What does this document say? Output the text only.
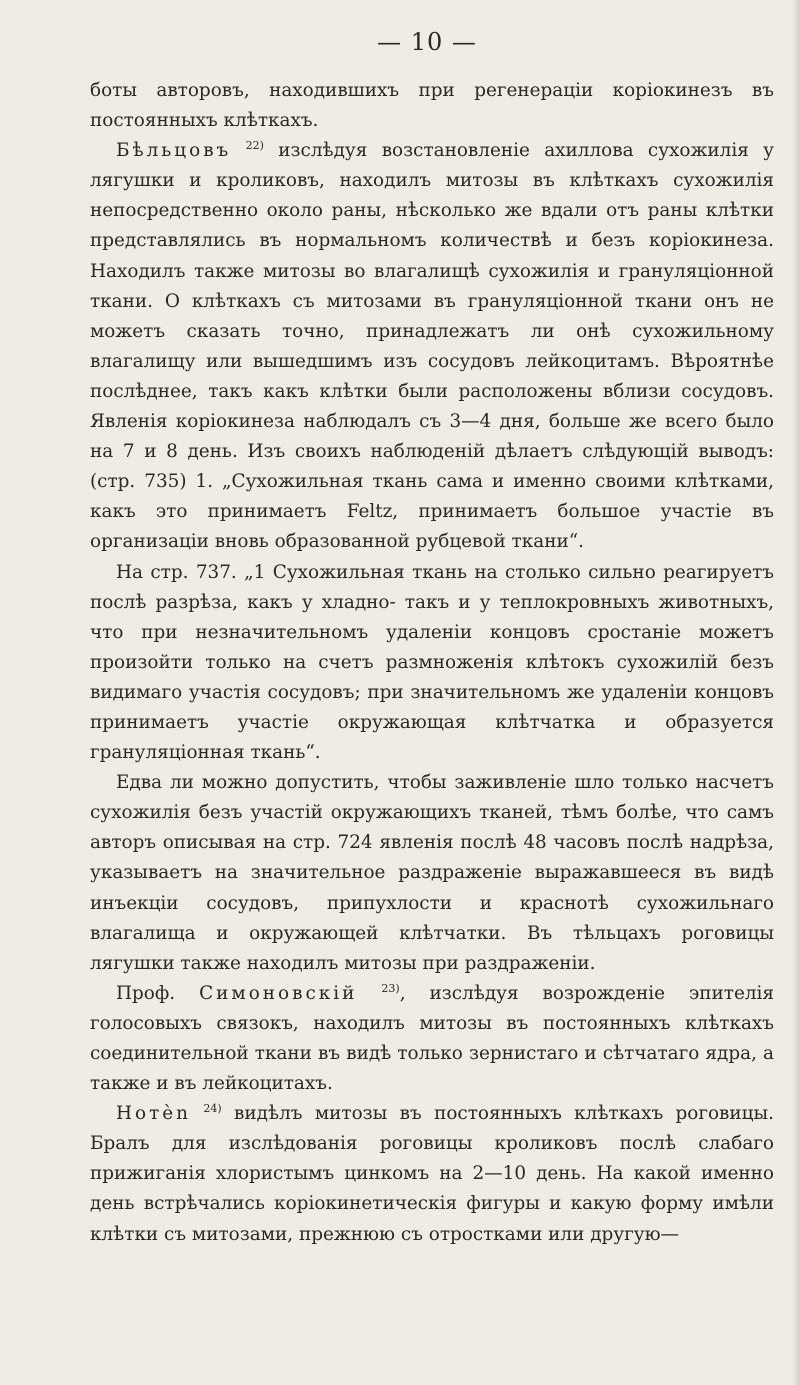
— 10 —

боты авторовъ, находившихъ при регенераціи коріокинезъ въ постоянныхъ клѣткахъ.

Бѣльцовъ $^{22)}$ изслѣдуя возстановленіе ахиллова сухожилія у лягушки и кроликовъ, находилъ митозы въ клѣткахъ сухожилія непосредственно около раны, нѣсколько же вдали отъ раны клѣтки представлялись въ нормальномъ количествѣ и безъ коріокинеза. Находилъ также митозы во влагалищѣ сухожилія и грануляціонной ткани. О клѣткахъ съ митозами въ грануляціонной ткани онъ не можетъ сказать точно, принадлежатъ ли онѣ сухожильному влагалищу или вышедшимъ изъ сосудовъ лейкоцитамъ. Вѣроятнѣе послѣднее, такъ какъ клѣтки были расположены вблизи сосудовъ. Явленія коріокинеза наблюдалъ съ 3—4 дня, больше же всего было на 7 и 8 день. Изъ своихъ наблюденій дѣлаетъ слѣдующій выводъ: (стр. 735) 1. „Сухожильная ткань сама и именно своими клѣтками, какъ это принимаетъ Feltz, принимаетъ большое участіе въ организаціи вновь образованной рубцевой ткани“.

На стр. 737. „1 Сухожильная ткань на столько сильно реагируетъ послѣ разрѣза, какъ у хладно- такъ и у теплокровныхъ животныхъ, что при незначительномъ удаленіи концовъ сростаніе можетъ произойти только на счетъ размноженія клѣтокъ сухожилій безъ видимаго участія сосудовъ; при значительномъ же удаленіи концовъ принимаетъ участіе окружающая клѣтчатка и образуется грануляціонная ткань“.

Едва ли можно допустить, чтобы заживленіе шло только насчетъ сухожилія безъ участій окружающихъ тканей, тѣмъ болѣе, что самъ авторъ описывая на стр. 724 явленія послѣ 48 часовъ послѣ надрѣза, указываетъ на значительное раздраженіе выражавшееся въ видѣ инъекціи сосудовъ, припухлости и краснотѣ сухожильнаго влагалища и окружающей клѣтчатки. Въ тѣльцахъ роговицы лягушки также находилъ митозы при раздраженіи.

Проф. Симоновскій $^{23)}$, изслѣдуя возрожденіе эпителія голосовыхъ связокъ, находилъ митозы въ постоянныхъ клѣткахъ соединительной ткани въ видѣ только зернистаго и сѣтчатаго ядра, а также и въ лейкоцитахъ.

Нотѐn $^{24)}$ видѣлъ митозы въ постоянныхъ клѣткахъ роговицы. Бралъ для изслѣдованія роговицы кроликовъ послѣ слабаго прижиганія хлористымъ цинкомъ на 2—10 день. На какой именно день встрѣчались коріокинетическія фигуры и какую форму имѣли клѣтки съ митозами, прежнюю съ отростками или другую—
